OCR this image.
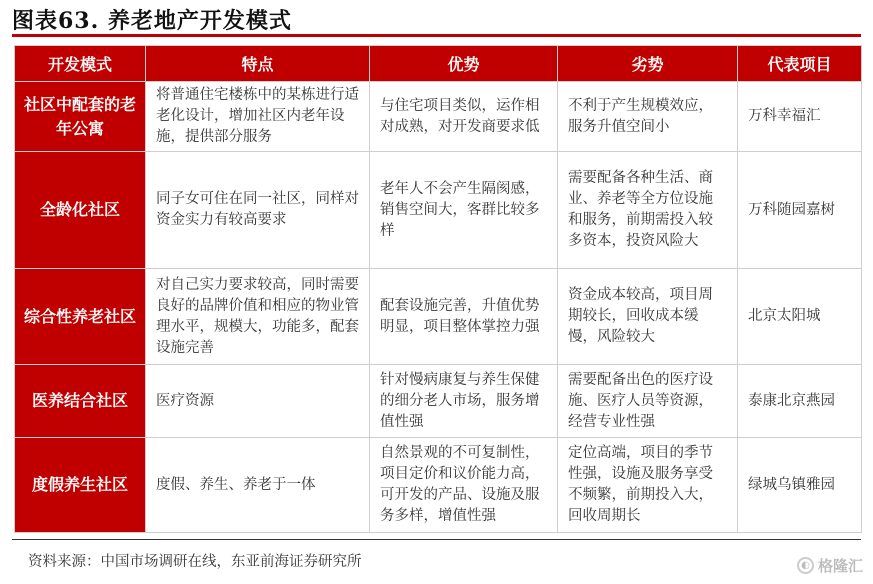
图表63. 养老地产开发模式
开发模式	特点	优势	劣势	代表项目
社区中配套的老年公寓	将普通住宅楼栋中的某栋进行适老化设计，增加社区内老年设施，提供部分服务	与住宅项目类似，运作相对成熟，对开发商要求低	不利于产生规模效应，服务升值空间小	万科幸福汇
全龄化社区	同子女可住在同一社区，同样对资金实力有较高要求	老年人不会产生隔阂感，销售空间大，客群比较多样	需要配备各种生活、商业、养老等全方位设施和服务，前期需投入较多资本，投资风险大	万科随园嘉树
综合性养老社区	对自己实力要求较高，同时需要良好的品牌价值和相应的物业管理水平，规模大，功能多，配套设施完善	配套设施完善，升值优势明显，项目整体掌控力强	资金成本较高，项目周期较长，回收成本缓慢，风险较大	北京太阳城
医养结合社区	医疗资源	针对慢病康复与养生保健的细分老人市场，服务增值性强	需要配备出色的医疗设施、医疗人员等资源，经营专业性强	泰康北京燕园
度假养生社区	度假、养生、养老于一体	自然景观的不可复制性，项目定价和议价能力高，可开发的产品、设施及服务多样，增值性强	定位高端，项目的季节性强，设施及服务享受不频繁，前期投入大，回收周期长	绿城乌镇雅园
资料来源：中国市场调研在线，东亚前海证券研究所	◐ 格隆汇
